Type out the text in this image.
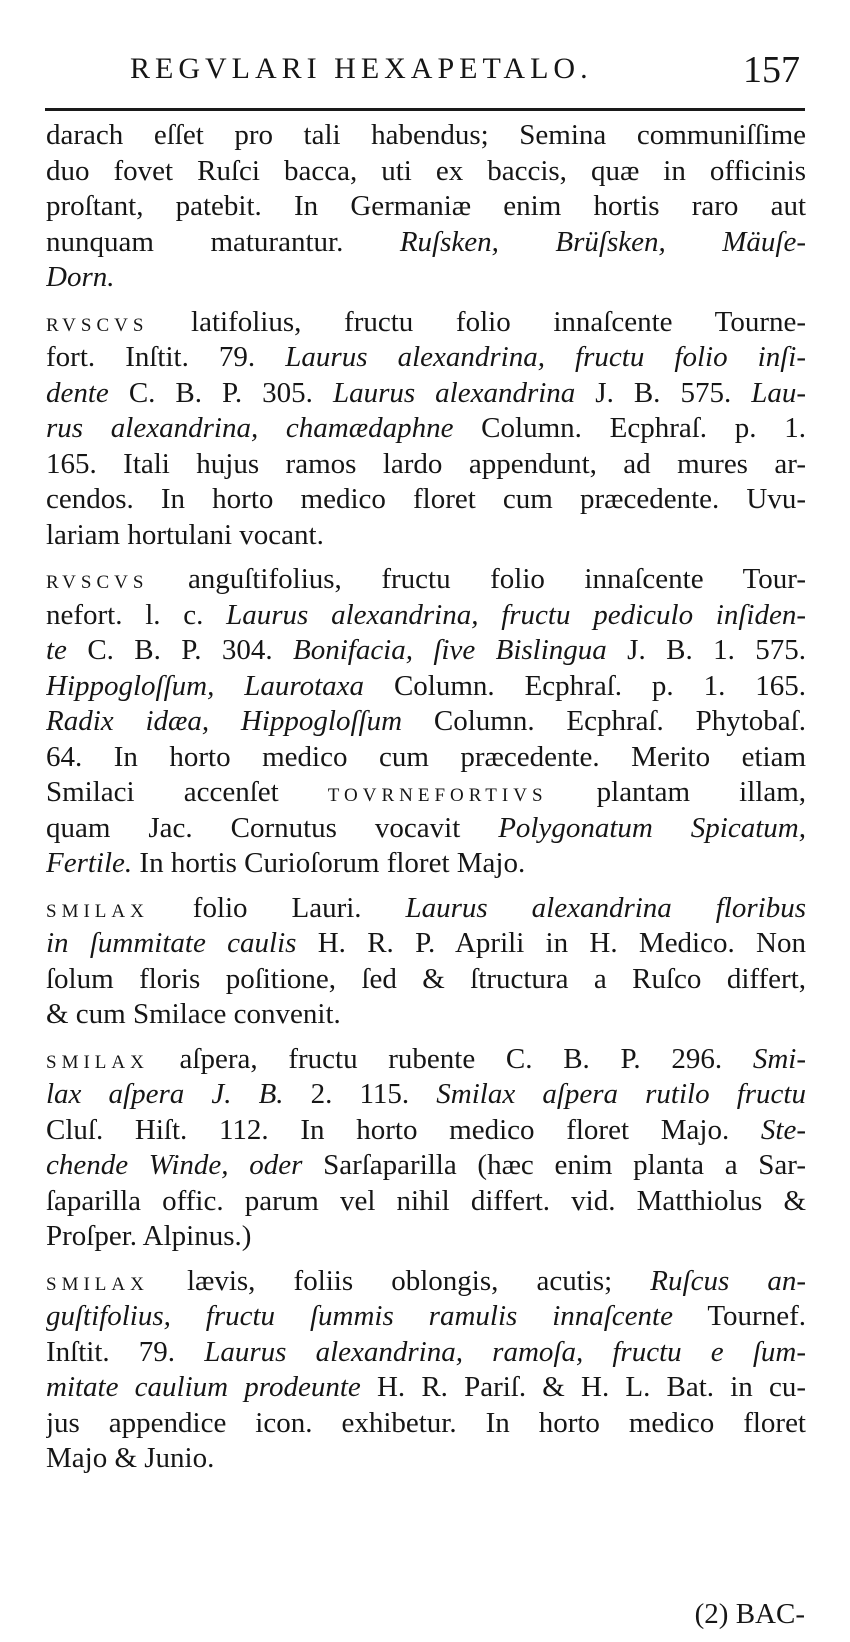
REGVLARI HEXAPETALO.	157
darach eſſet pro tali habendus; Semina communiſſime
duo fovet Ruſci bacca, uti ex baccis, quæ in officinis
proſtant, patebit. In Germaniæ enim hortis raro aut
nunquam maturantur. Ruſsken, Brüſsken, Mäuſe-
Dorn.
RVSCVS latifolius, fructu folio innaſcente Tourne-
fort. Inſtit. 79. Laurus alexandrina, fructu folio inſi-
dente C. B. P. 305. Laurus alexandrina J. B. 575. Lau-
rus alexandrina, chamædaphne Column. Ecphraſ. p. 1.
165. Itali hujus ramos lardo appendunt, ad mures ar-
cendos. In horto medico floret cum præcedente. Uvu-
lariam hortulani vocant.
RVSCVS anguſtifolius, fructu folio innaſcente Tour-
nefort. l. c. Laurus alexandrina, fructu pediculo inſiden-
te C. B. P. 304. Bonifacia, ſive Bislingua J. B. 1. 575.
Hippogloſſum, Laurotaxa Column. Ecphraſ. p. 1. 165.
Radix idæa, Hippogloſſum Column. Ecphraſ. Phytobaſ.
64. In horto medico cum præcedente. Merito etiam
Smilaci accenſet TOVRNEFORTIVS plantam illam,
quam Jac. Cornutus vocavit Polygonatum Spicatum,
Fertile. In hortis Curioſorum floret Majo.
SMILAX folio Lauri. Laurus alexandrina floribus
in ſummitate caulis H. R. P. Aprili in H. Medico. Non
ſolum floris poſitione, ſed & ſtructura a Ruſco differt,
& cum Smilace convenit.
SMILAX aſpera, fructu rubente C. B. P. 296. Smi-
lax aſpera J. B. 2. 115. Smilax aſpera rutilo fructu
Cluſ. Hiſt. 112. In horto medico floret Majo. Ste-
chende Winde, oder Sarſaparilla (hæc enim planta a Sar-
ſaparilla offic. parum vel nihil differt. vid. Matthiolus &
Proſper. Alpinus.)
SMILAX lævis, foliis oblongis, acutis; Ruſcus an-
guſtifolius, fructu ſummis ramulis innaſcente Tournef.
Inſtit. 79. Laurus alexandrina, ramoſa, fructu e ſum-
mitate caulium prodeunte H. R. Pariſ. & H. L. Bat. in cu-
jus appendice icon. exhibetur. In horto medico floret
Majo & Junio.
(2) BAC-
